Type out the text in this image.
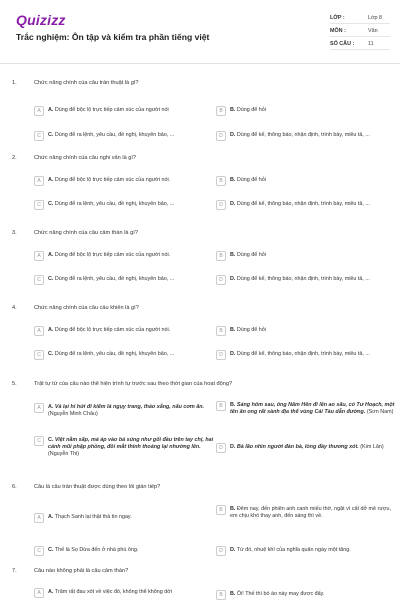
Quizizz
Trắc nghiệm: Ôn tập và kiểm tra phần tiếng việt
LỚP :	Lớp 8
MÔN :	Văn
SỐ CÂU :	11
1.	Chức năng chính của câu trần thuật là gì?
A	A. Dùng để bộc lộ trực tiếp cảm xúc của người nói	B	B. Dùng để hỏi
C	C. Dùng để ra lệnh, yêu cầu, đề nghị, khuyên bảo, ...	D	D. Dùng để kể, thông báo, nhận định, trình bày, miêu tả, ...
2.	Chức năng chính của câu nghi vấn là gì?
A	A. Dùng để bộc lộ trực tiếp cảm xúc của người nói.	B	B. Dùng để hỏi
C	C. Dùng để ra lệnh, yêu cầu, đề nghị, khuyên bảo, ...	D	D. Dùng để kể, thông báo, nhận định, trình bày, miêu tả, ...
3.	Chức năng chính của câu cảm thán là gì?
A	A. Dùng để bộc lộ trực tiếp cảm xúc của người nói.	B	B. Dùng để hỏi
C	C. Dùng để ra lệnh, yêu cầu, đề nghị, khuyên bảo, ...	D	D. Dùng để kể, thông báo, nhận định, trình bày, miêu tả, ...
4.	Chức năng chính của câu cầu khiến là gì?
A	A. Dùng để bộc lộ trực tiếp cảm xúc của người nói.	B	B. Dùng để hỏi
C	C. Dùng để ra lệnh, yêu cầu, đề nghị, khuyên bảo, ...	D	D. Dùng để kể, thông báo, nhận định, trình bày, miêu tả, ...
5.	Trật tự từ của câu nào thể hiện trình tự trước sau theo thời gian của hoạt động?
A	A. Và lại hí hửi đi kiếm lá ngụy trang, tháo xắng, nấu cơm ăn. (Nguyễn Minh Châu)
B	B. Sáng hôm sau, ông Năm Hên đi lên ao sấu, có Tư Hoạch, một tên ăn ong rất sành địa thế vùng Cái Tàu dẫn đường. (Sơn Nam)
C	C. Việt nằm sấp, má áp vào bá súng như gối đầu trên tay chị, hai cánh mũi phập phồng, đôi mắt thinh thoảng lại nhướng lên. (Nguyễn Thi)
D	D. Bà lão nhìn người đàn bà, lòng đầy thương xót. (Kim Lân)
6.	Câu là câu trần thuật được dùng theo lối gián tiếp?
A	A. Thạch Sanh lại thật thà tin ngay.
B	B. Đêm nay, đến phiên anh canh miếu thờ, ngặt vì cất dở mẻ rượu, em chịu khó thay anh, đến sáng thì về.
C	C. Thế là Sọ Dừa đến ở nhà phú ông.	D	D. Từ đó, nhuệ khí của nghĩa quân ngày một tăng.
7.	Câu nào không phải là câu cảm thán?
A	A. Trăm rất đau xót về việc đó, không thể không dời	B	B. Ôi! Thế thì bò áo này may được đấy.
